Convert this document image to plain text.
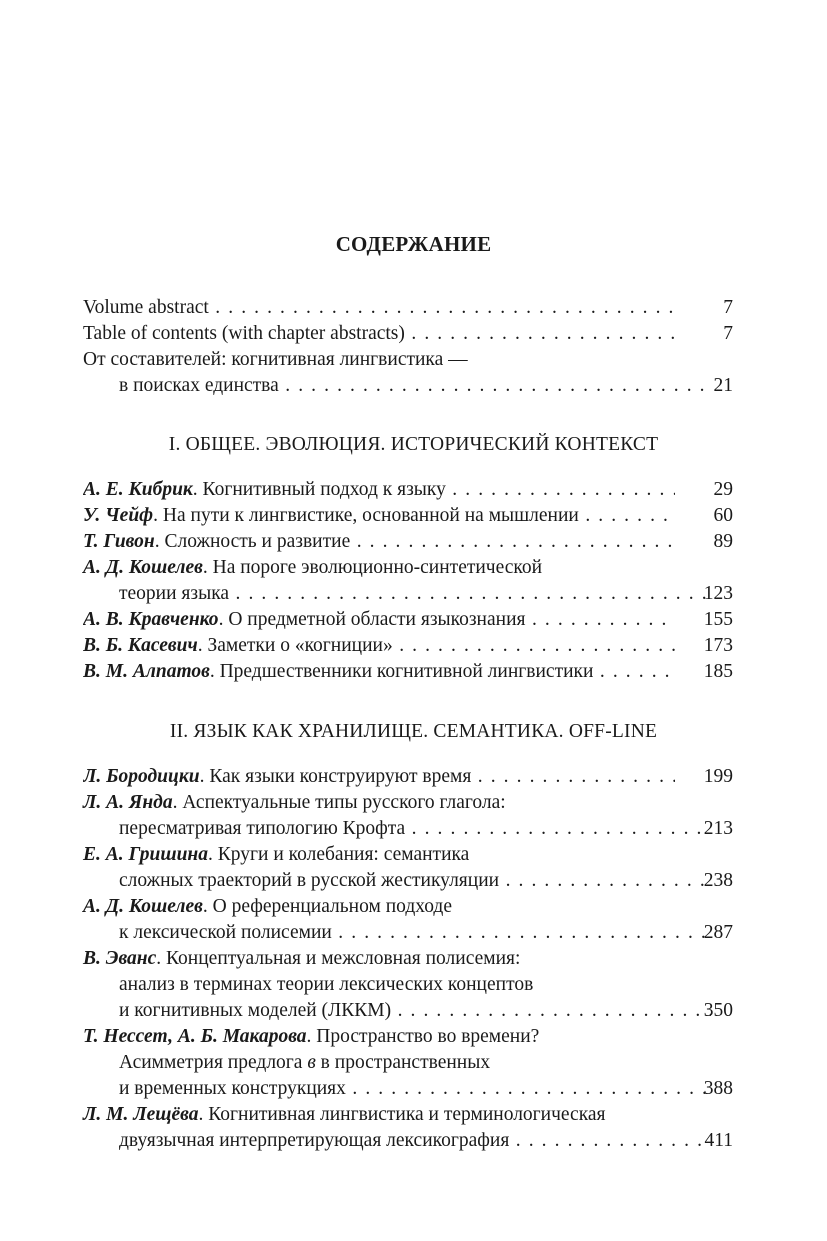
СОДЕРЖАНИЕ
Volume abstract . . .	7
Table of contents (with chapter abstracts) . . .	7
От составителей: когнитивная лингвистика —
в поисках единства . . .	21
I. ОБЩЕЕ. ЭВОЛЮЦИЯ. ИСТОРИЧЕСКИЙ КОНТЕКСТ
А. Е. Кибрик. Когнитивный подход к языку . . .	29
У. Чейф. На пути к лингвистике, основанной на мышлении . . .	60
Т. Гивон. Сложность и развитие . . .	89
А. Д. Кошелев. На пороге эволюционно-синтетической
теории языка . . .	123
А. В. Кравченко. О предметной области языкознания . . .	155
В. Б. Касевич. Заметки о «когниции» . . .	173
В. М. Алпатов. Предшественники когнитивной лингвистики . . .	185
II. ЯЗЫК КАК ХРАНИЛИЩЕ. СЕМАНТИКА. OFF-LINE
Л. Бородицки. Как языки конструируют время . . .	199
Л. А. Янда. Аспектуальные типы русского глагола:
пересматривая типологию Крофта . . .	213
Е. А. Гришина. Круги и колебания: семантика
сложных траекторий в русской жестикуляции . . .	238
А. Д. Кошелев. О референциальном подходе
к лексической полисемии . . .	287
В. Эванс. Концептуальная и межсловная полисемия:
анализ в терминах теории лексических концептов
и когнитивных моделей (ЛККМ) . . .	350
Т. Нессет, А. Б. Макарова. Пространство во времени?
Асимметрия предлога в в пространственных
и временных конструкциях . . .	388
Л. М. Лещёва. Когнитивная лингвистика и терминологическая
двуязычная интерпретирующая лексикография . . .	411
